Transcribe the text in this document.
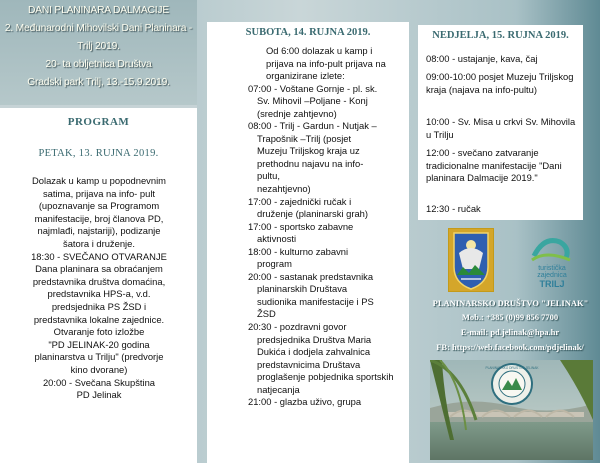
DANI PLANINARA DALMACIJE
2. Međunarodni Mihovilski Dani Planinara - Trilj 2019.
20- ta obljetnica Društva
Gradski park Trilj, 13.-15.9.2019.
PROGRAM
PETAK, 13. RUJNA 2019.
Dolazak u kamp u popodnevnim
satima, prijava na info- pult
(upoznavanje sa Programom
manifestacije, broj članova PD,
najmlađi, najstariji), podizanje
šatora i druženje.
18:30 - SVEČANO OTVARANJE
Dana planinara sa obraćanjem
predstavnika društva domaćina,
predstavnika HPS-a, v.d.
predsjednika PS ŽSD i
predstavnika lokalne zajednice.
Otvaranje foto izložbe
"PD JELINAK-20 godina
planinarstva u Trilju" (predvorje
kino dvorane)
20:00 - Svečana Skupština
PD Jelinak
SUBOTA, 14. RUJNA 2019.
Od 6:00 dolazak u kamp i
prijava na info-pult prijava na
organizirane izlete:
07:00 - Voštane Gornje - pl. sk.
Sv. Mihovil –Poljane - Konj
(srednje zahtjevno)
08:00 - Trilj - Gardun - Nutjak –
Trapošnik –Trilj (posjet
Muzeju Triljskog kraja uz
prethodnu najavu na info-
pultu,
nezahtjevno)
17:00 - zajednički ručak i
druženje (planinarski grah)
17:00 - sportsko zabavne
aktivnosti
18:00 - kulturno zabavni
program
20:00 - sastanak predstavnika
planinarskih Društava
sudionika manifestacije i PS
ŽSD
20:30 - pozdravni govor
predsjednika Društva Maria
Dukića i dodjela zahvalnica
predstavnicima Društava
proglašenje pobjednika sportskih
natjecanja
21:00 - glazba uživo, grupa
NEDJELJA, 15. RUJNA 2019.
08:00 - ustajanje, kava, čaj
09:00-10:00 posjet Muzeju Triljskog kraja (najava na info-pultu)
10:00 - Sv. Misa u crkvi Sv. Mihovila u Trilju
12:00 - svečano zatvaranje tradicionalne manifestacije "Dani planinara Dalmacije 2019."
12:30 - ručak
turistička
zajednica
TRILJ
PLANINARSKO DRUŠTVO "JELINAK"
Mob.: +385 (0)99 856 7700
E-mail: pd.jelinak@hpa.hr
FB: https://web.facebook.com/pdjelinak/
PLANINARSKO DRUŠTVO JELINAK
